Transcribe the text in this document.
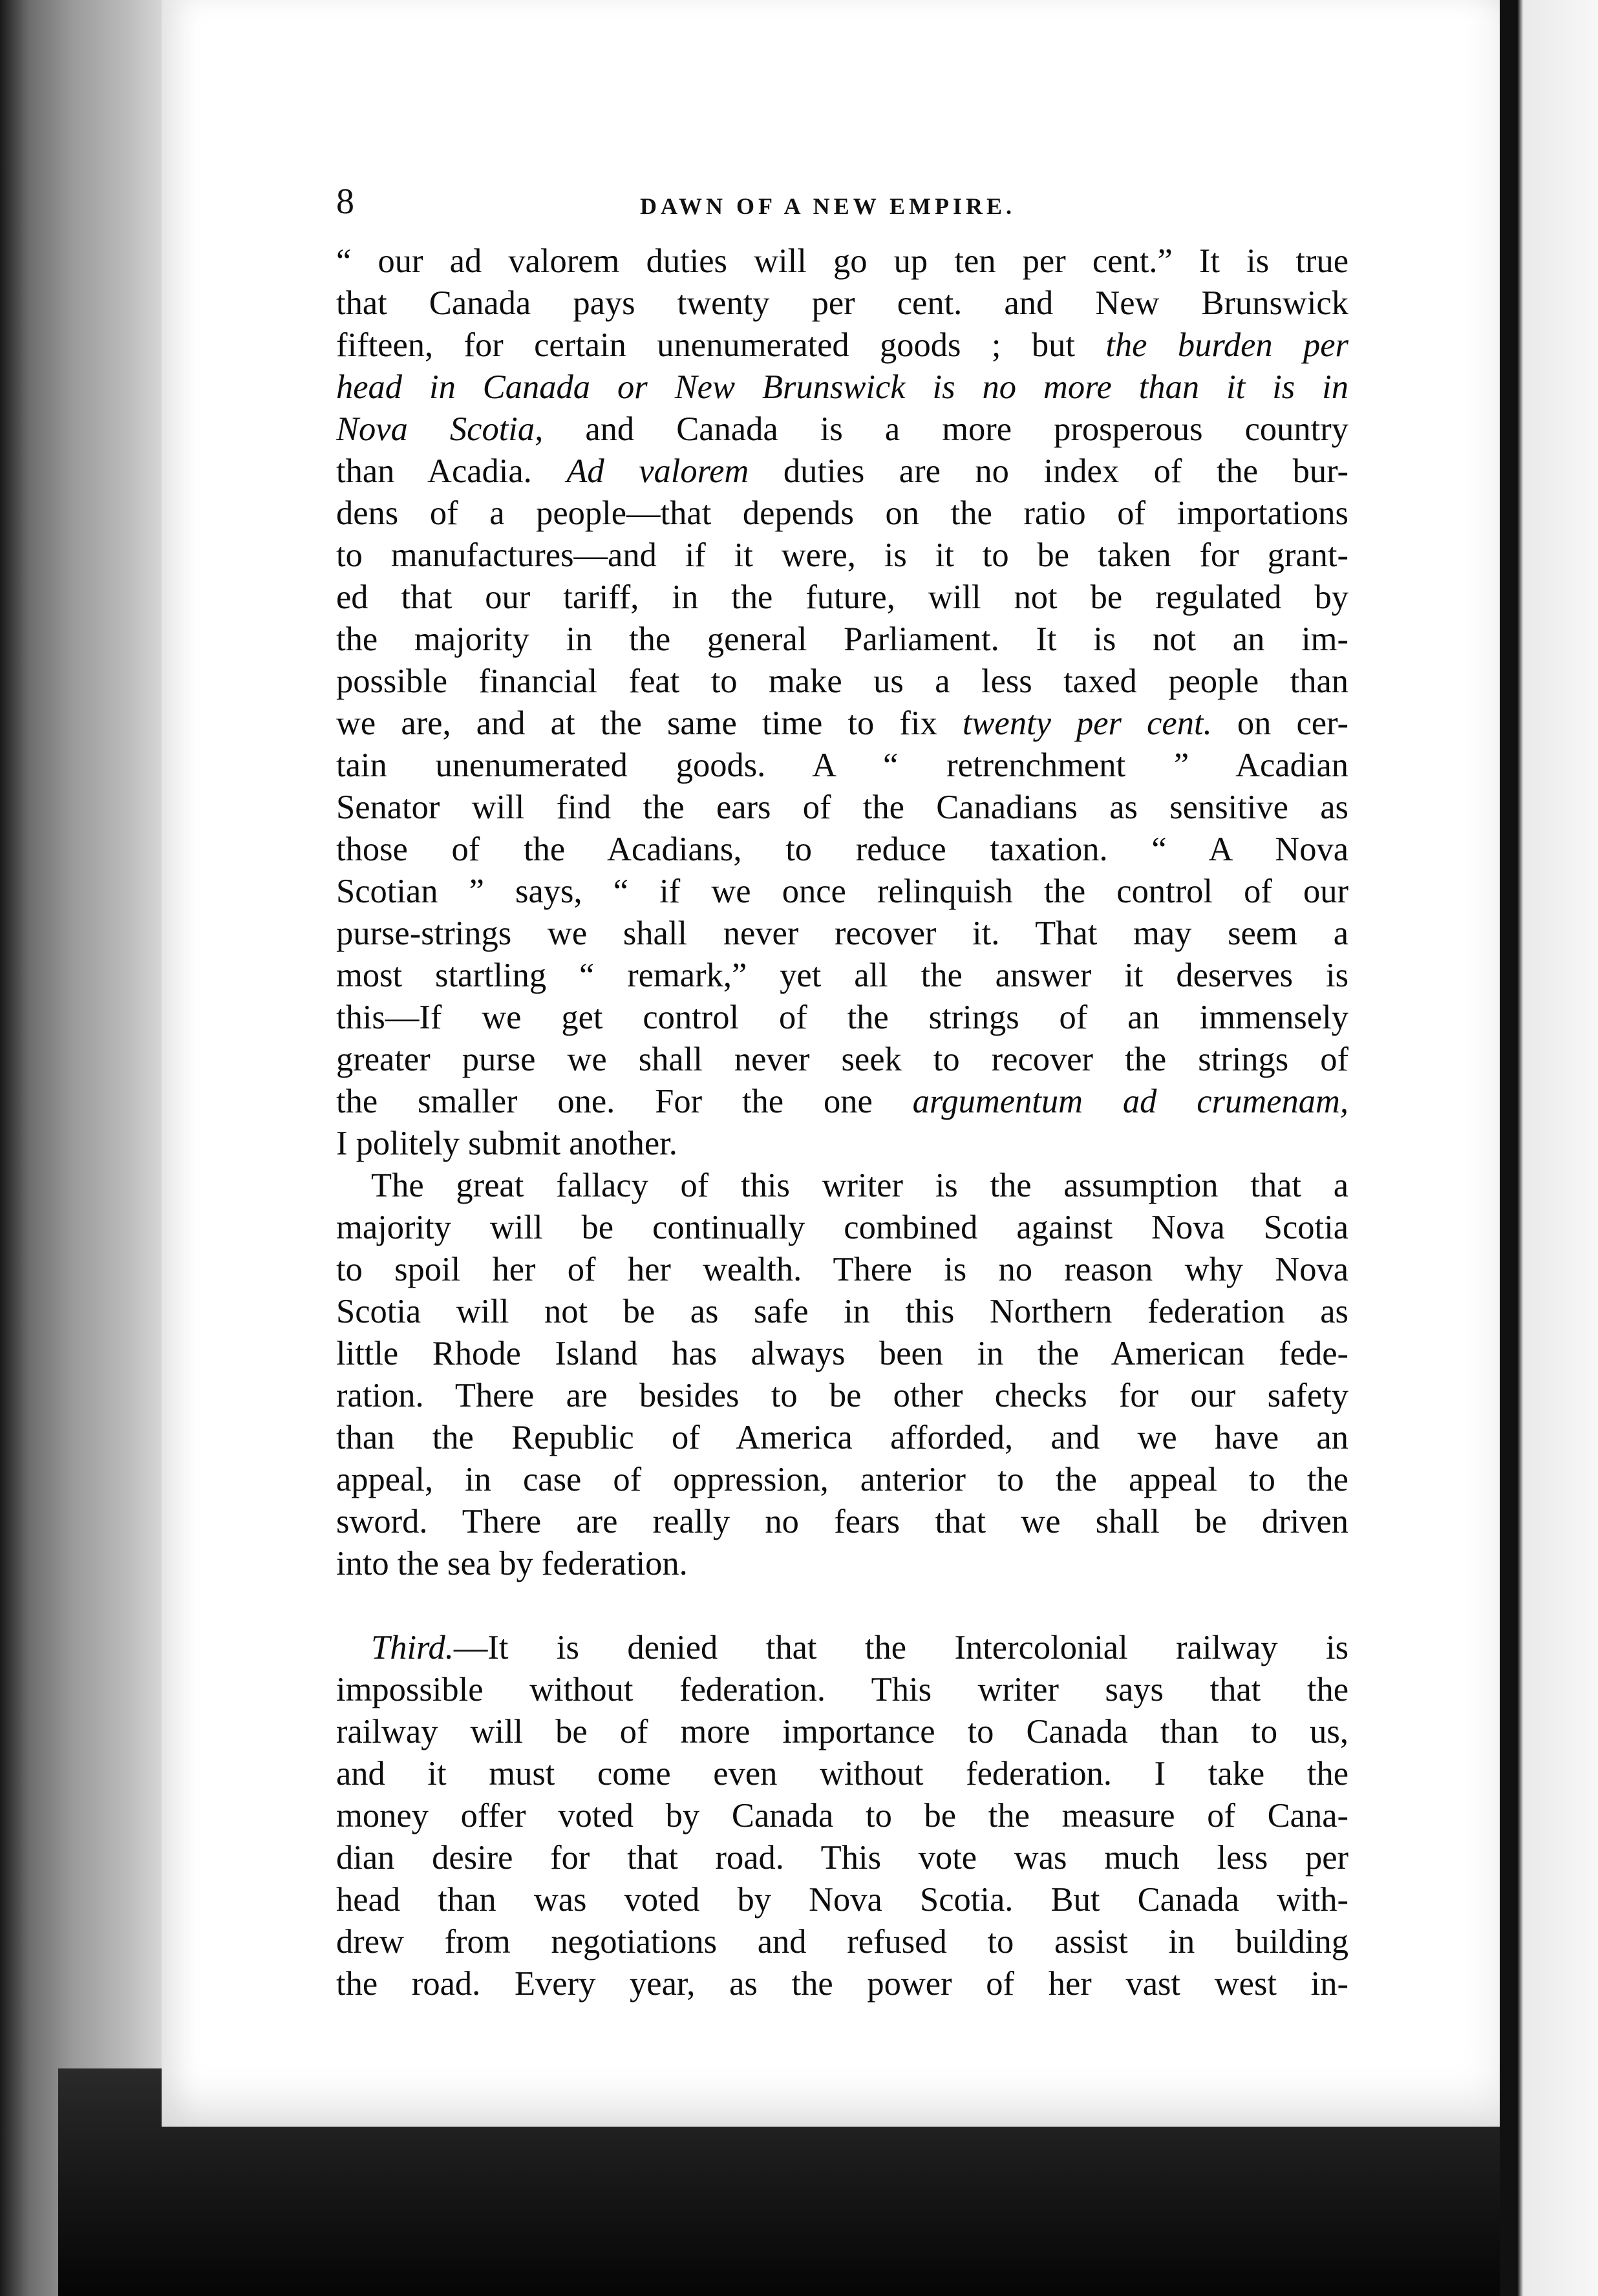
8	DAWN OF A NEW EMPIRE.
“ our ad valorem duties will go up ten per cent.” It is true
that Canada pays twenty per cent. and New Brunswick
fifteen, for certain unenumerated goods ; but the burden per
head in Canada or New Brunswick is no more than it is in
Nova Scotia, and Canada is a more prosperous country
than Acadia. Ad valorem duties are no index of the bur-
dens of a people—that depends on the ratio of importations
to manufactures—and if it were, is it to be taken for grant-
ed that our tariff, in the future, will not be regulated by
the majority in the general Parliament. It is not an im-
possible financial feat to make us a less taxed people than
we are, and at the same time to fix twenty per cent. on cer-
tain unenumerated goods. A “ retrenchment ” Acadian
Senator will find the ears of the Canadians as sensitive as
those of the Acadians, to reduce taxation. “ A Nova
Scotian ” says, “ if we once relinquish the control of our
purse-strings we shall never recover it. That may seem a
most startling “ remark,” yet all the answer it deserves is
this—If we get control of the strings of an immensely
greater purse we shall never seek to recover the strings of
the smaller one. For the one argumentum ad crumenam,
I politely submit another.
The great fallacy of this writer is the assumption that a
majority will be continually combined against Nova Scotia
to spoil her of her wealth. There is no reason why Nova
Scotia will not be as safe in this Northern federation as
little Rhode Island has always been in the American fede-
ration. There are besides to be other checks for our safety
than the Republic of America afforded, and we have an
appeal, in case of oppression, anterior to the appeal to the
sword. There are really no fears that we shall be driven
into the sea by federation.
Third.—It is denied that the Intercolonial railway is
impossible without federation. This writer says that the
railway will be of more importance to Canada than to us,
and it must come even without federation. I take the
money offer voted by Canada to be the measure of Cana-
dian desire for that road. This vote was much less per
head than was voted by Nova Scotia. But Canada with-
drew from negotiations and refused to assist in building
the road. Every year, as the power of her vast west in-
